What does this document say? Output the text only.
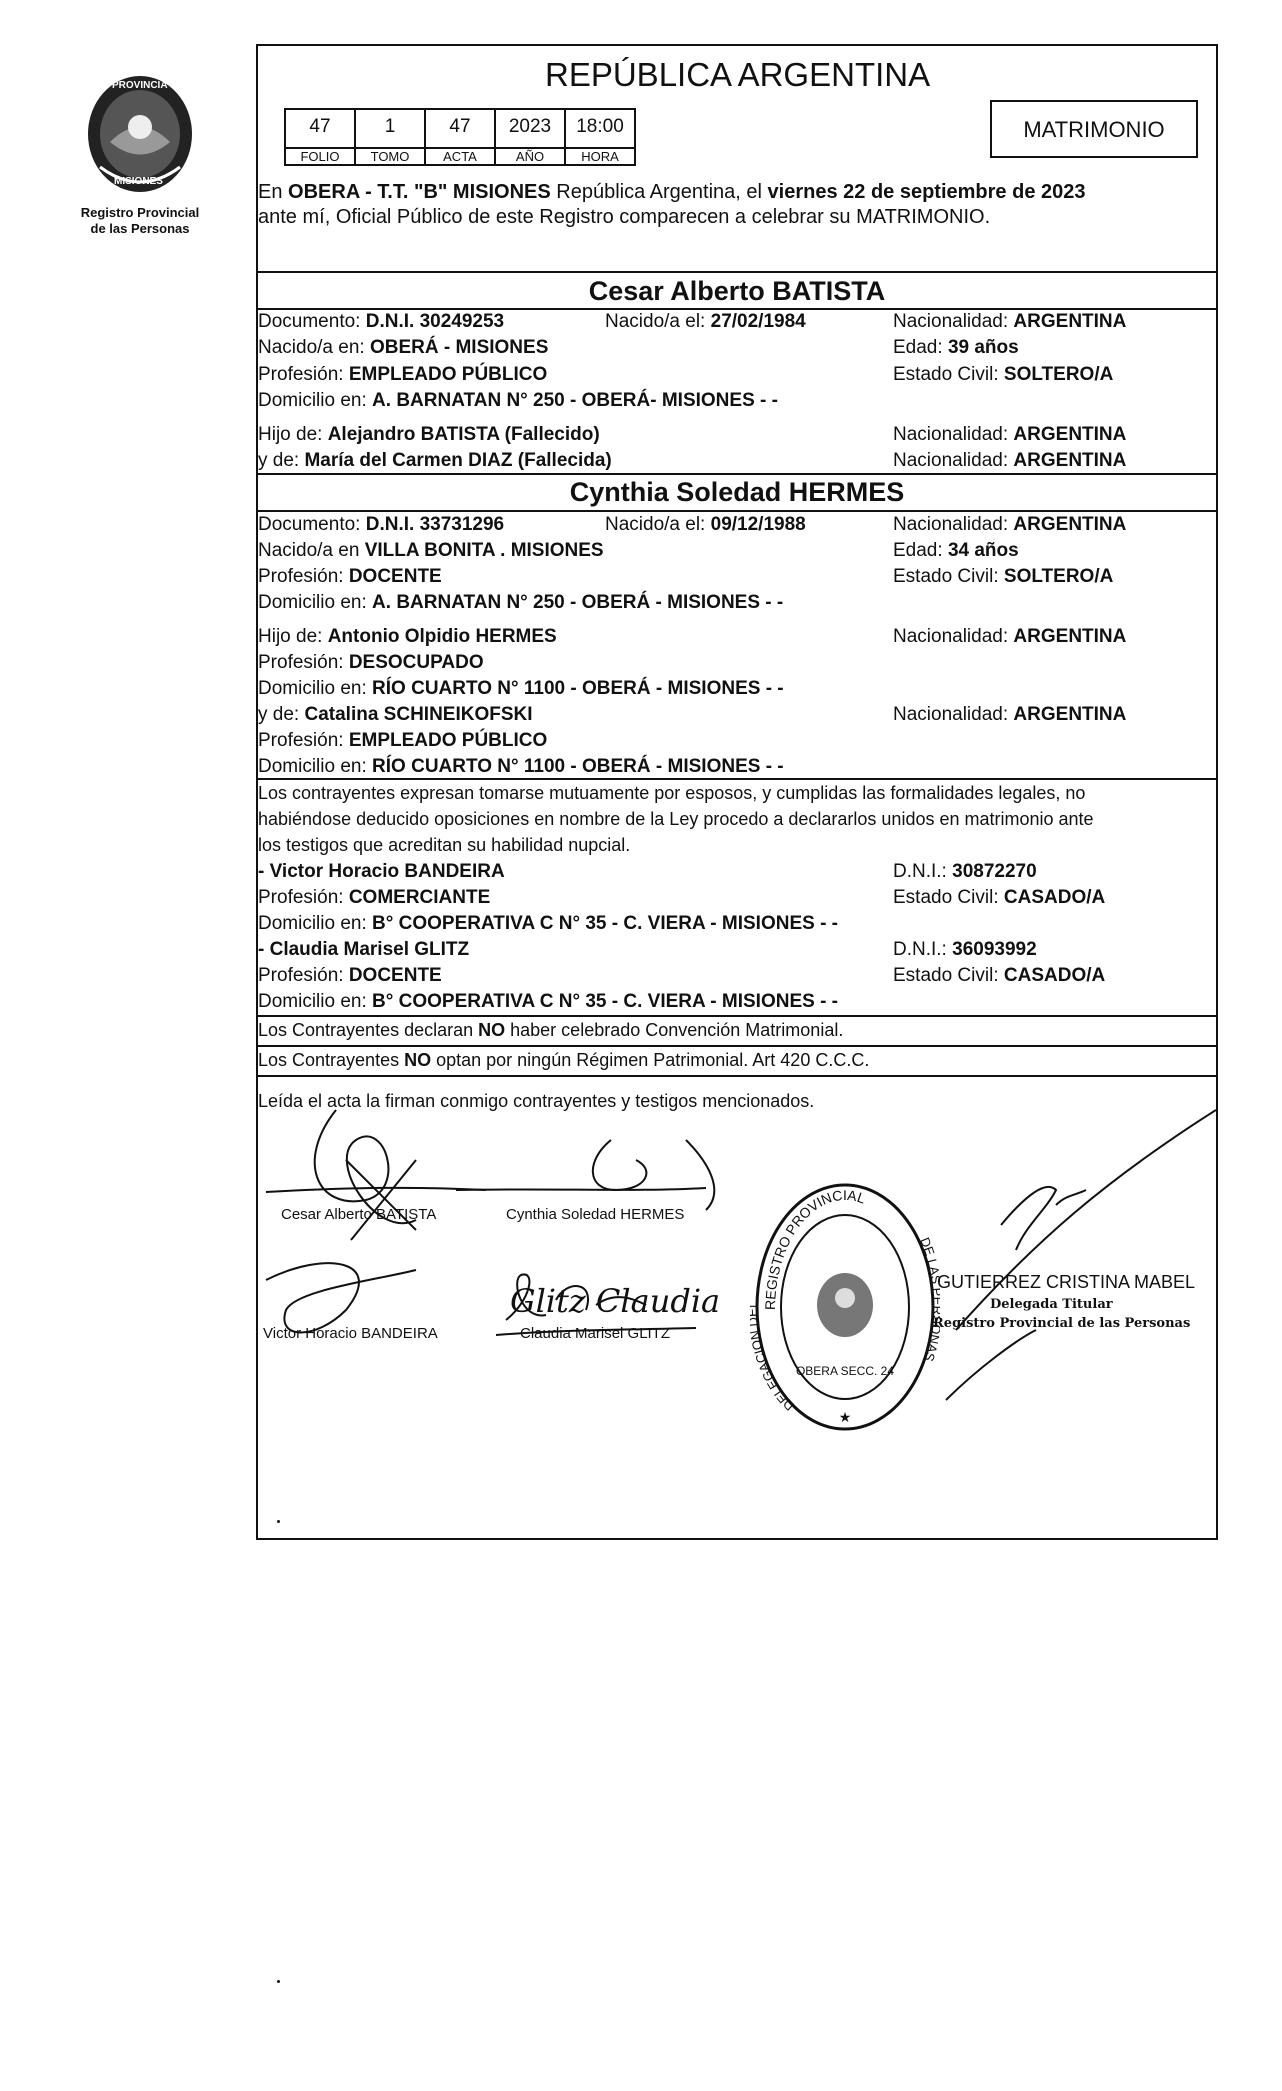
PROVINCIA
MISIONES
Registro Provincial
de las Personas
REPÚBLICA ARGENTINA
47
FOLIO
1
TOMO
47
ACTA
2023
AÑO
18:00
HORA
MATRIMONIO
En OBERA - T.T. "B" MISIONES República Argentina, el viernes 22 de septiembre de 2023
ante mí, Oficial Público de este Registro comparecen a celebrar su MATRIMONIO.
Cesar Alberto BATISTA
Documento: D.N.I. 30249253	Nacido/a el: 27/02/1984	Nacionalidad: ARGENTINA
Nacido/a en: OBERÁ - MISIONES	Edad: 39 años
Profesión: EMPLEADO PÚBLICO	Estado Civil: SOLTERO/A
Domicilio en: A. BARNATAN N° 250 - OBERÁ- MISIONES - -
Hijo de: Alejandro BATISTA (Fallecido)	Nacionalidad: ARGENTINA
y de: María del Carmen DIAZ (Fallecida)	Nacionalidad: ARGENTINA
Cynthia Soledad HERMES
Documento: D.N.I. 33731296	Nacido/a el: 09/12/1988	Nacionalidad: ARGENTINA
Nacido/a en VILLA BONITA . MISIONES	Edad: 34 años
Profesión: DOCENTE	Estado Civil: SOLTERO/A
Domicilio en: A. BARNATAN N° 250 - OBERÁ - MISIONES - -
Hijo de: Antonio Olpidio HERMES	Nacionalidad: ARGENTINA
Profesión: DESOCUPADO
Domicilio en: RÍO CUARTO N° 1100 - OBERÁ - MISIONES - -
y de: Catalina SCHINEIKOFSKI	Nacionalidad: ARGENTINA
Profesión: EMPLEADO PÚBLICO
Domicilio en: RÍO CUARTO N° 1100 - OBERÁ - MISIONES - -
Los contrayentes expresan tomarse mutuamente por esposos, y cumplidas las formalidades legales, no
habiéndose deducido oposiciones en nombre de la Ley procedo a declararlos unidos en matrimonio ante
los testigos que acreditan su habilidad nupcial.
- Victor Horacio BANDEIRA	D.N.I.: 30872270
Profesión: COMERCIANTE	Estado Civil: CASADO/A
Domicilio en: B° COOPERATIVA C N° 35 - C. VIERA - MISIONES - -
- Claudia Marisel GLITZ	D.N.I.: 36093992
Profesión: DOCENTE	Estado Civil: CASADO/A
Domicilio en: B° COOPERATIVA C N° 35 - C. VIERA - MISIONES - -
Los Contrayentes declaran NO haber celebrado Convención Matrimonial.
Los Contrayentes NO optan por ningún Régimen Patrimonial. Art 420 C.C.C.
Leída el acta la firman conmigo contrayentes y testigos mencionados.
Cesar Alberto BATISTA	Cynthia Soledad HERMES
Victor Horacio BANDEIRA	Claudia Marisel GLITZ
Glitz Claudia	REGISTRO PROVINCIAL
DELEGACIO
DE L AS
OBERA SECC. 24
★
GUTIERREZ CRISTINA MABEL
Delegada Titular
Registro Provincial de las Personas
